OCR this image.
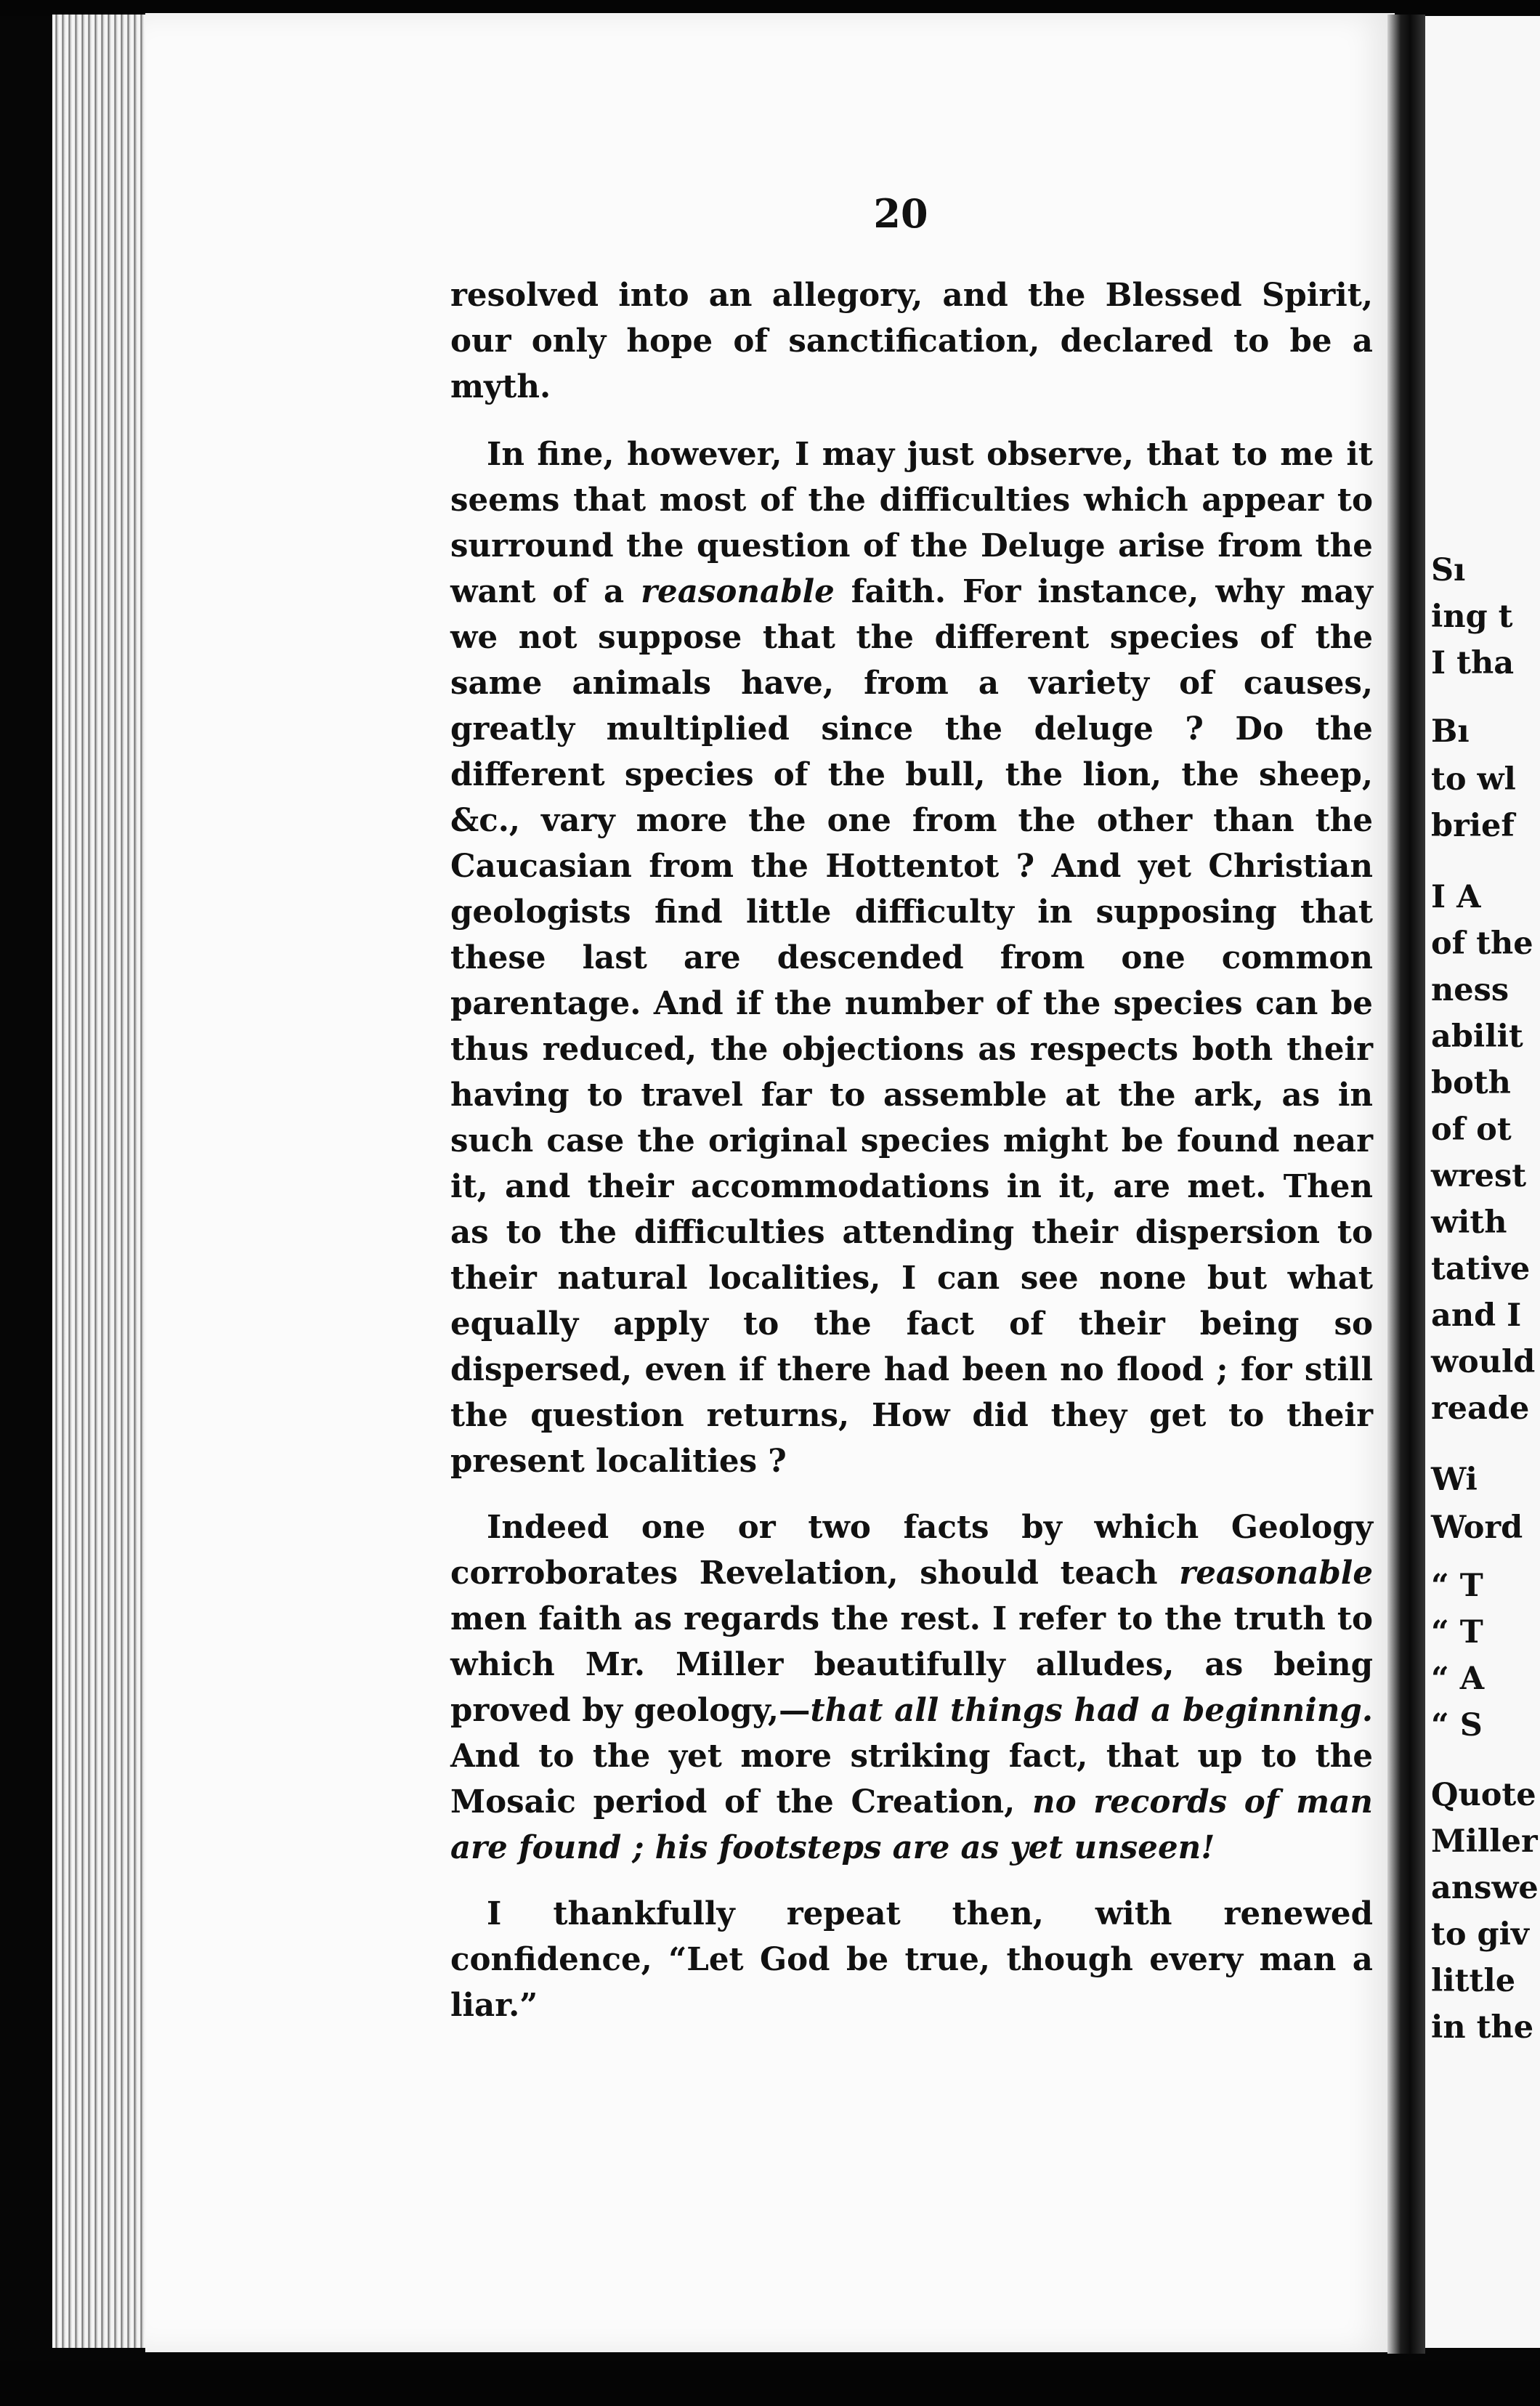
20

resolved into an allegory, and the Blessed Spirit, our only hope of sanctification, declared to be a myth.

In fine, however, I may just observe, that to me it seems that most of the difficulties which appear to surround the question of the Deluge arise from the want of a reasonable faith. For instance, why may we not suppose that the different species of the same animals have, from a variety of causes, greatly multiplied since the deluge ? Do the different species of the bull, the lion, the sheep, &c., vary more the one from the other than the Caucasian from the Hottentot ? And yet Christian geologists find little difficulty in supposing that these last are descended from one common parentage. And if the number of the species can be thus reduced, the objections as respects both their having to travel far to assemble at the ark, as in such case the original species might be found near it, and their accommodations in it, are met. Then as to the difficulties attending their dispersion to their natural localities, I can see none but what equally apply to the fact of their being so dispersed, even if there had been no flood ; for still the question returns, How did they get to their present localities ?

Indeed one or two facts by which Geology corroborates Revelation, should teach reasonable men faith as regards the rest. I refer to the truth to which Mr. Miller beautifully alludes, as being proved by geology,—that all things had a beginning. And to the yet more striking fact, that up to the Mosaic period of the Creation, no records of man are found ; his footsteps are as yet unseen!

I thankfully repeat then, with renewed confidence, “Let God be true, though every man a liar.”

Sı
ing t
I tha
Bı
to wl
brief
I A
of the
ness
abilit
both
of ot
wrest
with
tative
and I
would
reade
Wi
Word
“ T
“ T
“ A
“ S
Quote
Miller
answe
to giv
little
in the
